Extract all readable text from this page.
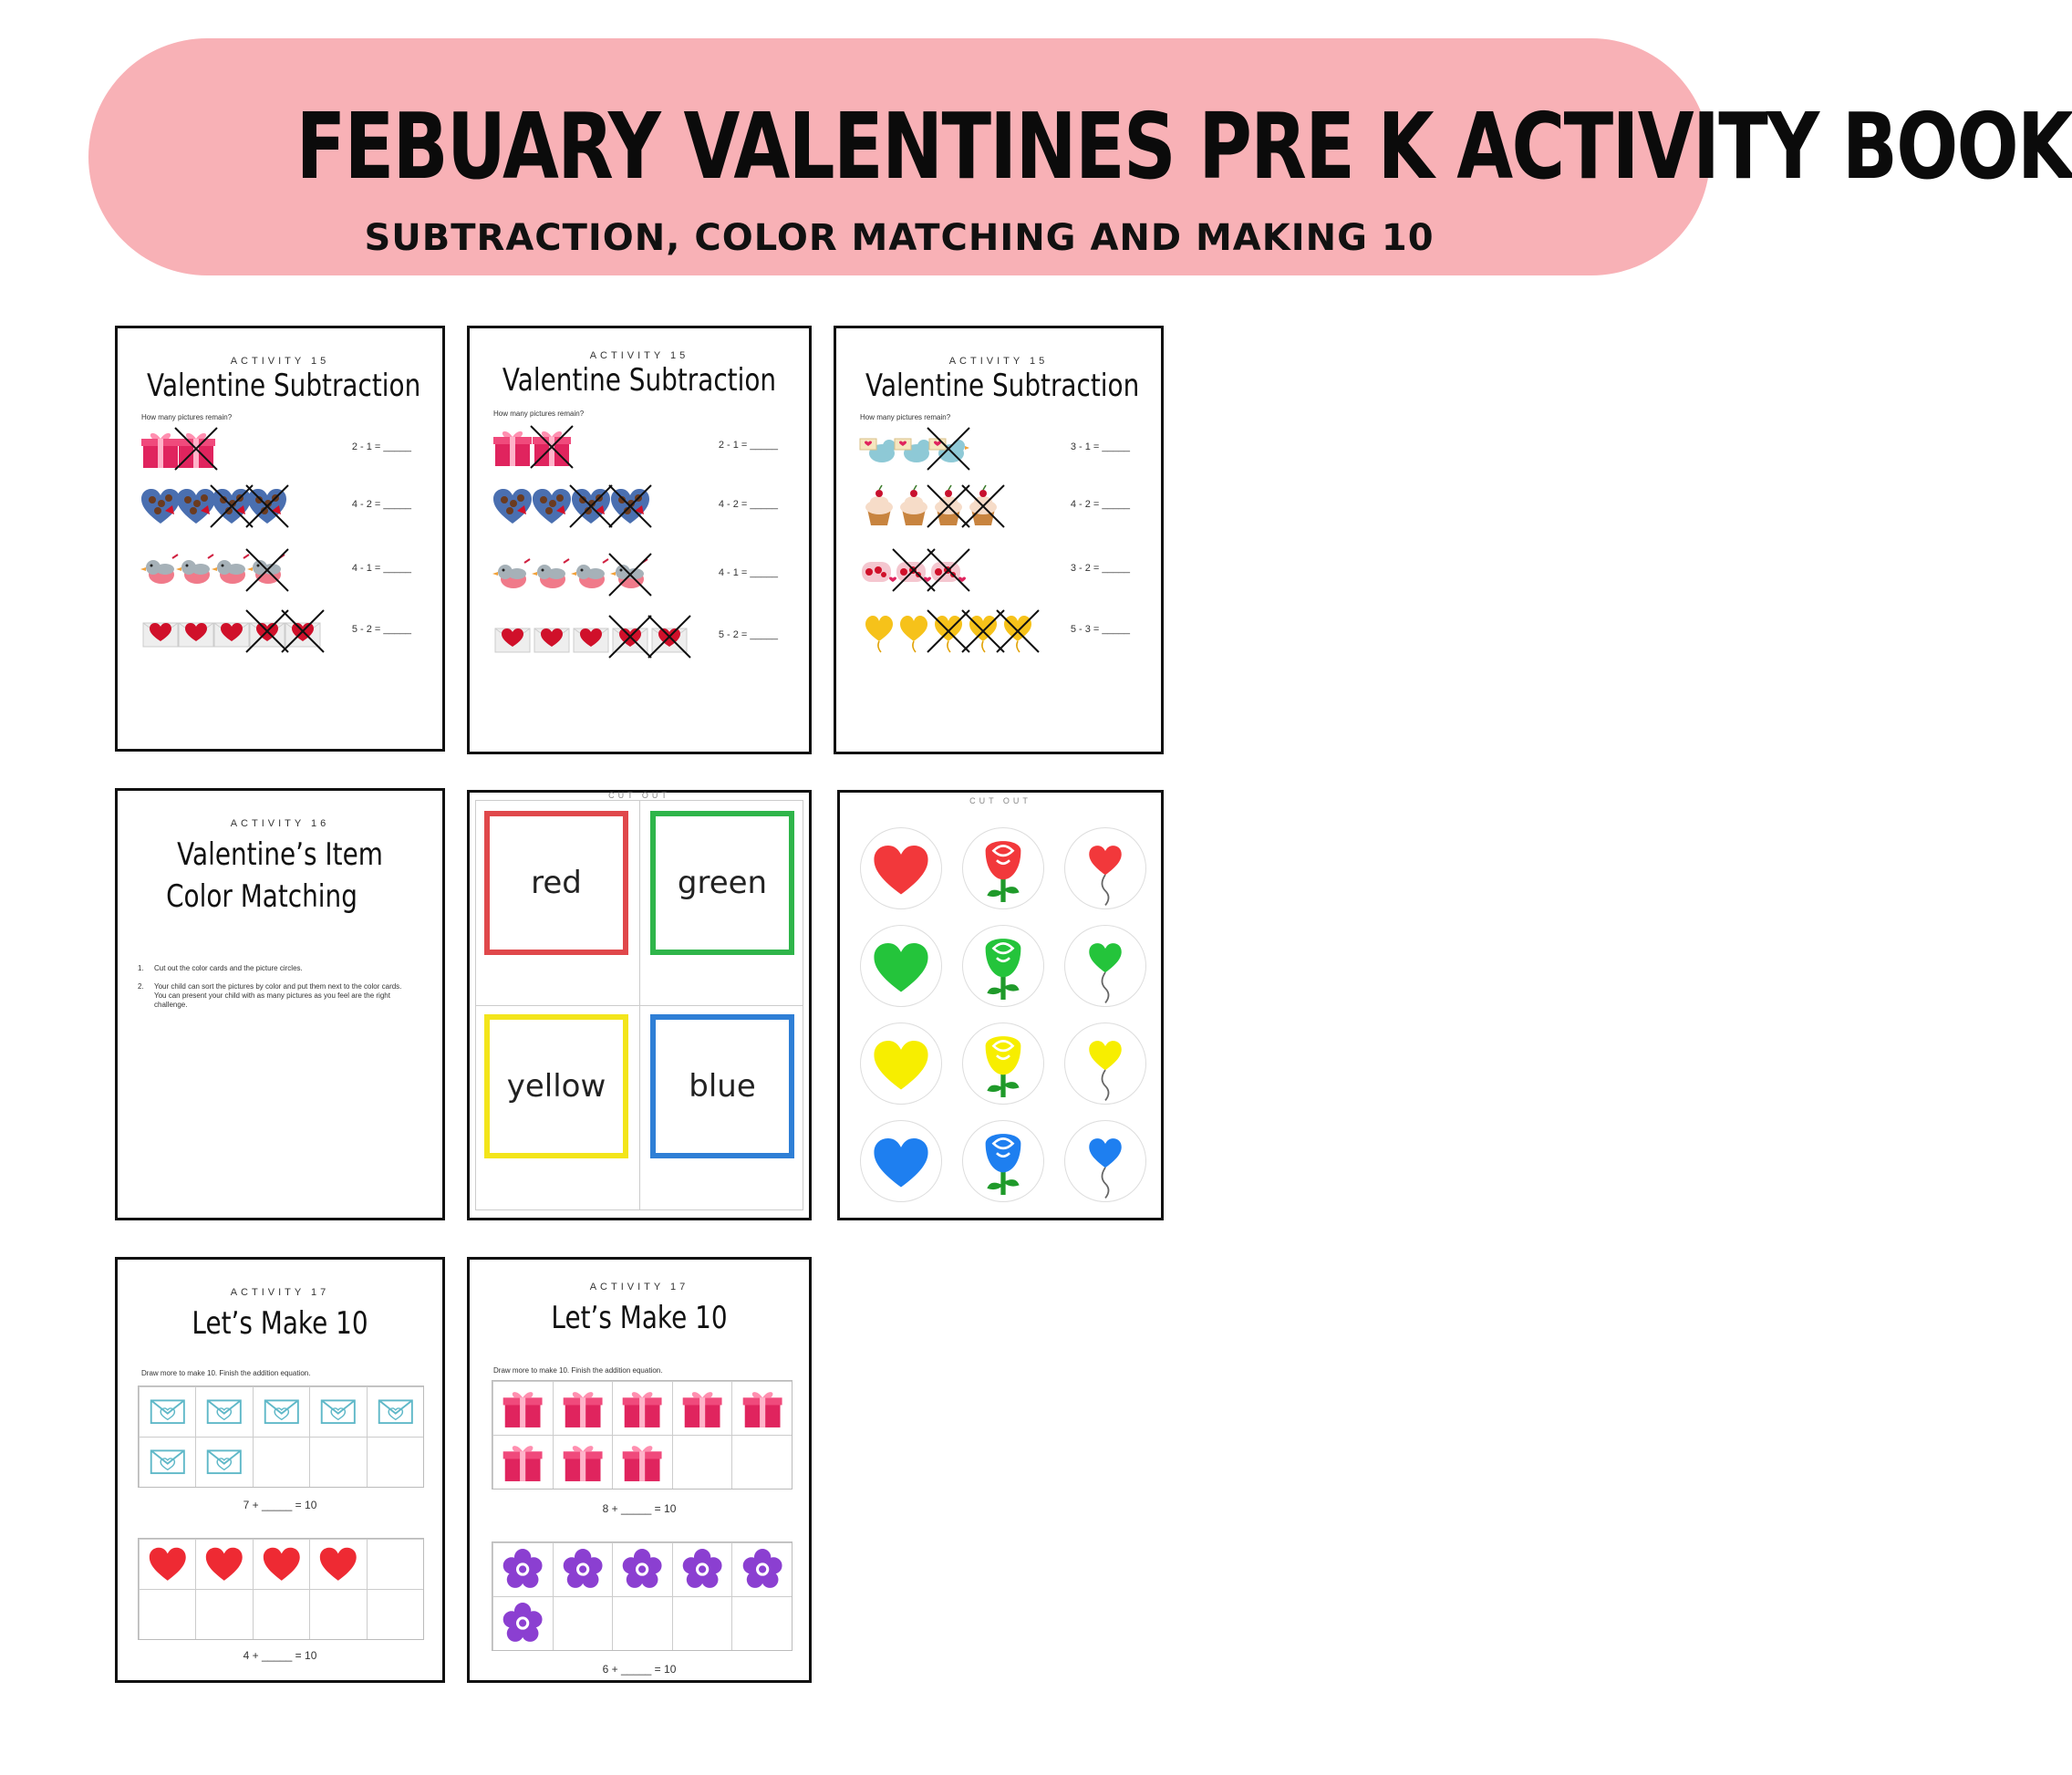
FEBUARY VALENTINES PRE K ACTIVITY BOOK
SUBTRACTION, COLOR MATCHING AND MAKING 10
ACTIVITY 15
Valentine Subtraction
How many pictures remain?
2 - 1 = _____
4 - 2 = _____
4 - 1 = _____
5 - 2 = _____
ACTIVITY 15
Valentine Subtraction
How many pictures remain?
2 - 1 = _____
4 - 2 = _____
4 - 1 = _____
5 - 2 = _____
ACTIVITY 15
Valentine Subtraction
How many pictures remain?
3 - 1 = _____
4 - 2 = _____
3 - 2 = _____
5 - 3 = _____
ACTIVITY 16
Valentine’s Item
Color Matching
1. Cut out the color cards and the picture circles.
2. Your child can sort the pictures by color and put them next to the color cards. You can present your child with as many pictures as you feel are the right challenge.
CUT OUT
red	green
yellow	blue
CUT OUT
ACTIVITY 17
Let’s Make 10
Draw more to make 10. Finish the addition equation.
7 + _____ = 10
4 + _____ = 10
ACTIVITY 17
Let’s Make 10
Draw more to make 10. Finish the addition equation.
8 + _____ = 10
6 + _____ = 10
